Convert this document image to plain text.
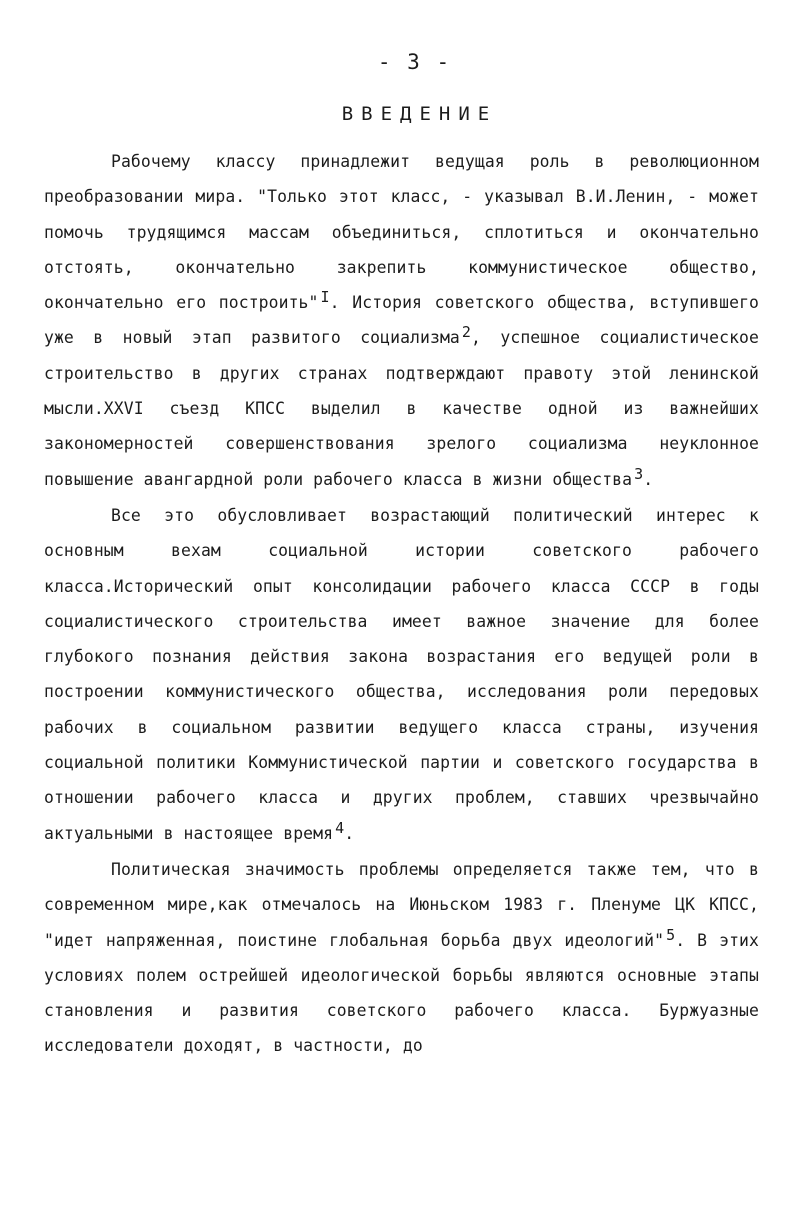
- 3 -
ВВЕДЕНИЕ

Рабочему классу принадлежит ведущая роль в революционном преобразовании мира. "Только этот класс, - указывал В.И.Ленин, - может помочь трудящимся массам объединиться, сплотиться и окончательно отстоять, окончательно закрепить коммунистическое общество, окончательно его построить" $^I$. История советского общества, вступившего уже в новый этап развитого социализма $^2$, успешное социалистическое строительство в других странах подтверждают правоту этой ленинской мысли.XXVI съезд КПСС выделил в качестве одной из важнейших закономерностей совершенствования зрелого социализма неуклонное повышение авангардной роли рабочего класса в жизни общества $^3$.

Все это обусловливает возрастающий политический интерес к основным вехам социальной истории советского рабочего класса.Исторический опыт консолидации рабочего класса СССР в годы социалистического строительства имеет важное значение для более глубокого познания действия закона возрастания его ведущей роли в построении коммунистического общества, исследования роли передовых рабочих в социальном развитии ведущего класса страны, изучения социальной политики Коммунистической партии и советского государства в отношении рабочего класса и других проблем, ставших чрезвычайно актуальными в настоящее время $^4$.

Политическая значимость проблемы определяется также тем, что в современном мире,как отмечалось на Июньском 1983 г. Пленуме ЦК КПСС, "идет напряженная, поистине глобальная борьба двух идеологий" $^5$. В этих условиях полем острейшей идеологической борьбы являются основные этапы становления и развития советского рабочего класса. Буржуазные исследователи доходят, в частности, до
